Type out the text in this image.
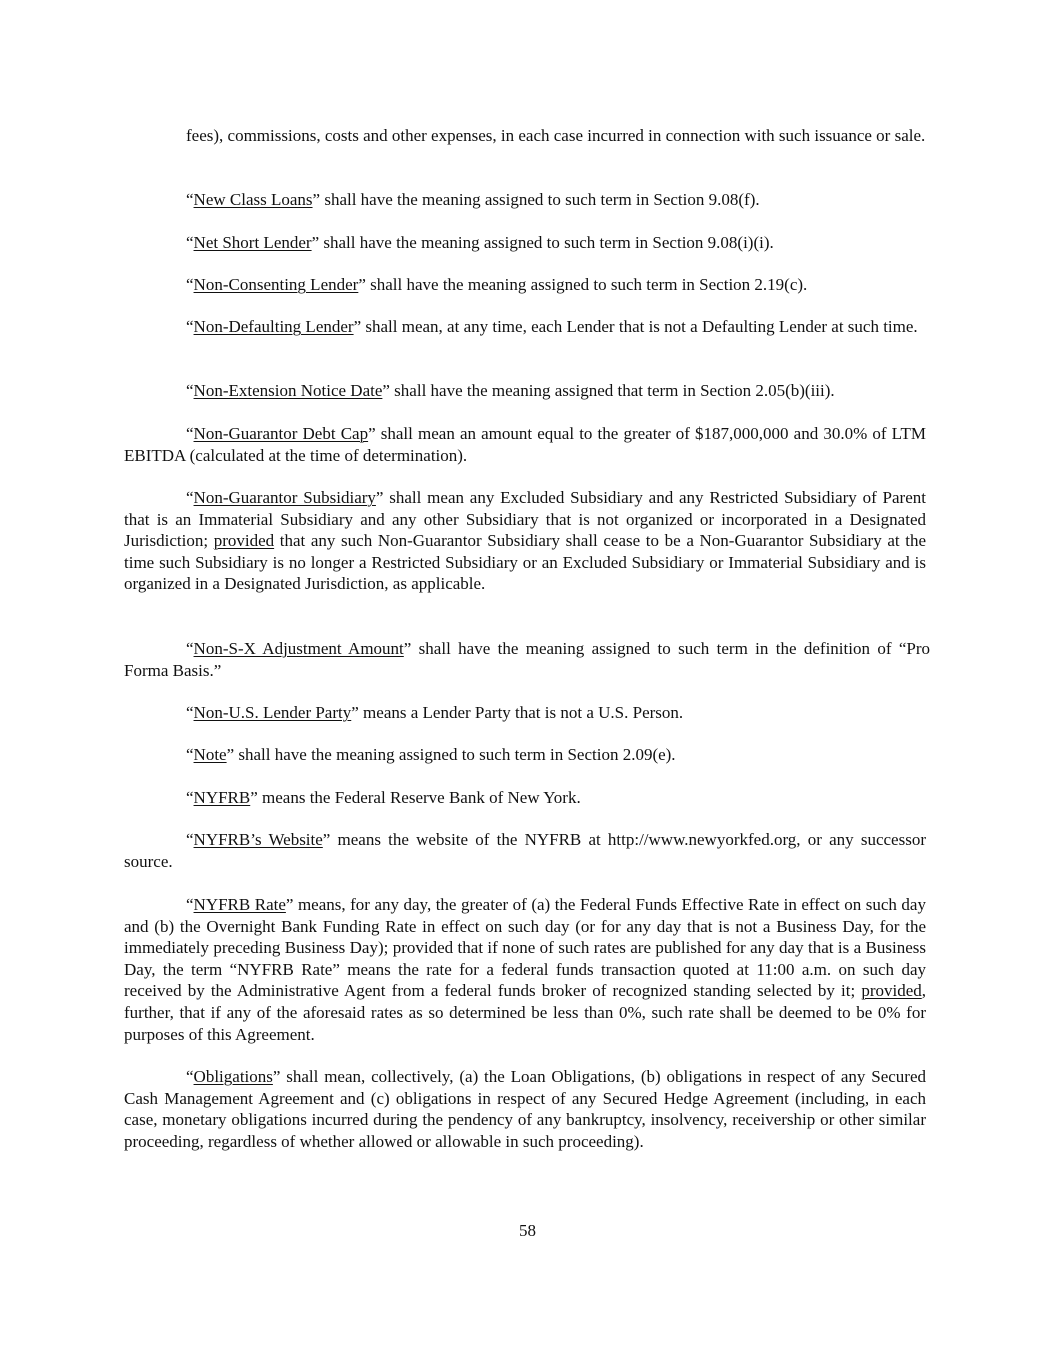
fees), commissions, costs and other expenses, in each case incurred in connection with such issuance or sale.

“New Class Loans” shall have the meaning assigned to such term in Section 9.08(f).

“Net Short Lender” shall have the meaning assigned to such term in Section 9.08(i)(i).

“Non-Consenting Lender” shall have the meaning assigned to such term in Section 2.19(c).

“Non-Defaulting Lender” shall mean, at any time, each Lender that is not a Defaulting Lender at such time.

“Non-Extension Notice Date” shall have the meaning assigned that term in Section 2.05(b)(iii).

“Non-Guarantor Debt Cap” shall mean an amount equal to the greater of $187,000,000 and 30.0% of LTM EBITDA (calculated at the time of determination).

“Non-Guarantor Subsidiary” shall mean any Excluded Subsidiary and any Restricted Subsidiary of Parent that is an Immaterial Subsidiary and any other Subsidiary that is not organized or incorporated in a Designated Jurisdiction; provided that any such Non-Guarantor Subsidiary shall cease to be a Non-Guarantor Subsidiary at the time such Subsidiary is no longer a Restricted Subsidiary or an Excluded Subsidiary or Immaterial Subsidiary and is organized in a Designated Jurisdiction, as applicable.

“Non-S-X Adjustment Amount” shall have the meaning assigned to such term in the definition of “Pro Forma Basis.”

“Non-U.S. Lender Party” means a Lender Party that is not a U.S. Person.

“Note” shall have the meaning assigned to such term in Section 2.09(e).

“NYFRB” means the Federal Reserve Bank of New York.

“NYFRB’s Website” means the website of the NYFRB at http://www.newyorkfed.org, or any successor source.

“NYFRB Rate” means, for any day, the greater of (a) the Federal Funds Effective Rate in effect on such day and (b) the Overnight Bank Funding Rate in effect on such day (or for any day that is not a Business Day, for the immediately preceding Business Day); provided that if none of such rates are published for any day that is a Business Day, the term “NYFRB Rate” means the rate for a federal funds transaction quoted at 11:00 a.m. on such day received by the Administrative Agent from a federal funds broker of recognized standing selected by it; provided, further, that if any of the aforesaid rates as so determined be less than 0%, such rate shall be deemed to be 0% for purposes of this Agreement.

“Obligations” shall mean, collectively, (a) the Loan Obligations, (b) obligations in respect of any Secured Cash Management Agreement and (c) obligations in respect of any Secured Hedge Agreement (including, in each case, monetary obligations incurred during the pendency of any bankruptcy, insolvency, receivership or other similar proceeding, regardless of whether allowed or allowable in such proceeding).

58
